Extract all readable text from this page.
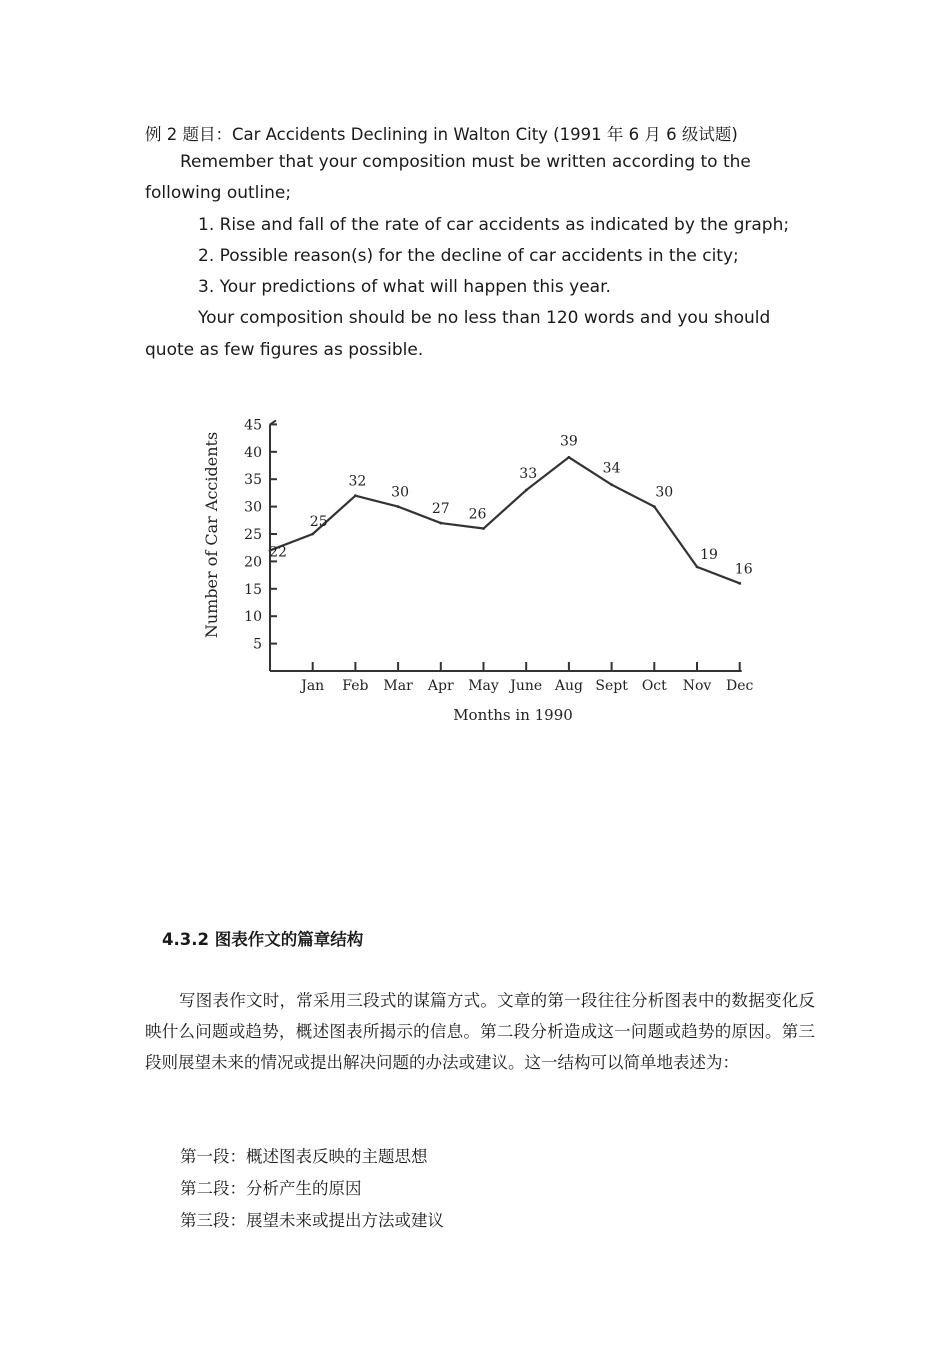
例 2 题目：Car Accidents Declining in Walton City (1991 年 6 月 6 级试题)
Remember that your composition must be written according to the
following outline;
1. Rise and fall of the rate of car accidents as indicated by the graph;
2. Possible reason(s) for the decline of car accidents in the city;
3. Your predictions of what will happen this year.
Your composition should be no less than 120 words and you should
quote as few figures as possible.
5
10
15
20
25
30
35
40
45
Jan Feb Mar Apr May June Aug Sept Oct Nov Dec
22
25
32
30
27 26
33
39
34
30
19
16
Number of Car Accidents
Months in 1990
4.3.2 图表作文的篇章结构
写图表作文时，常采用三段式的谋篇方式。文章的第一段往往分析图表中的数据变化反映什么问题或趋势，概述图表所揭示的信息。第二段分析造成这一问题或趋势的原因。第三段则展望未来的情况或提出解决问题的办法或建议。这一结构可以简单地表述为：
第一段：概述图表反映的主题思想
第二段：分析产生的原因
第三段：展望未来或提出方法或建议
